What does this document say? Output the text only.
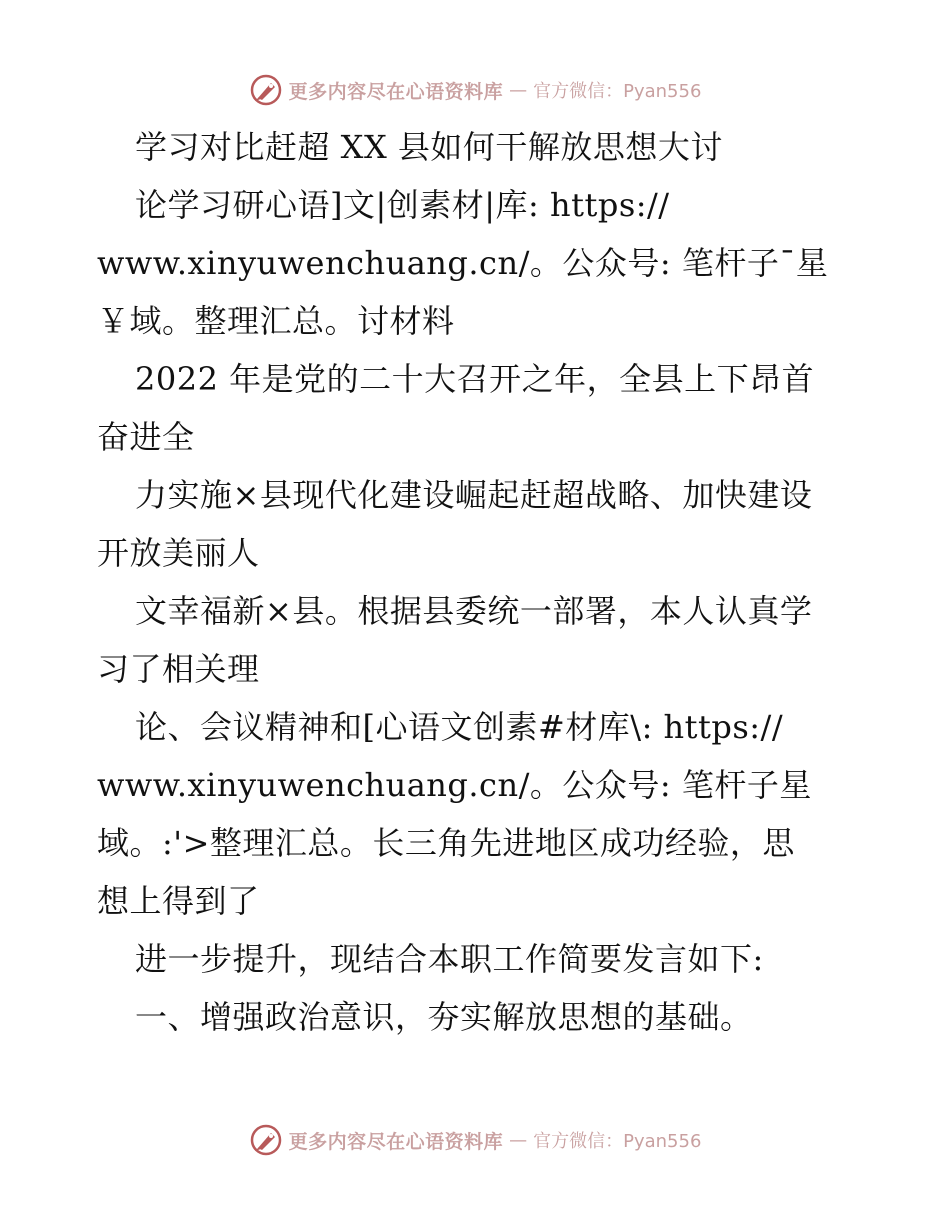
更多内容尽在心语资料库 — 官方微信：Pyan556
学习对比赶超 XX 县如何干解放思想大讨
论学习研心语]文|创素材|库: https://
www.xinyuwenchuang.cn/。公众号: 笔杆子¯星
￥域。整理汇总。讨材料
2022 年是党的二十大召开之年，全县上下昂首
奋进全
力实施×县现代化建设崛起赶超战略、加快建设
开放美丽人
文幸福新×县。根据县委统一部署，本人认真学
习了相关理
论、会议精神和[心语文创素#材库\: https://
www.xinyuwenchuang.cn/。公众号: 笔杆子星
域。:'>整理汇总。长三角先进地区成功经验，思
想上得到了
进一步提升，现结合本职工作简要发言如下:
一、增强政治意识，夯实解放思想的基础。
更多内容尽在心语资料库 — 官方微信：Pyan556
